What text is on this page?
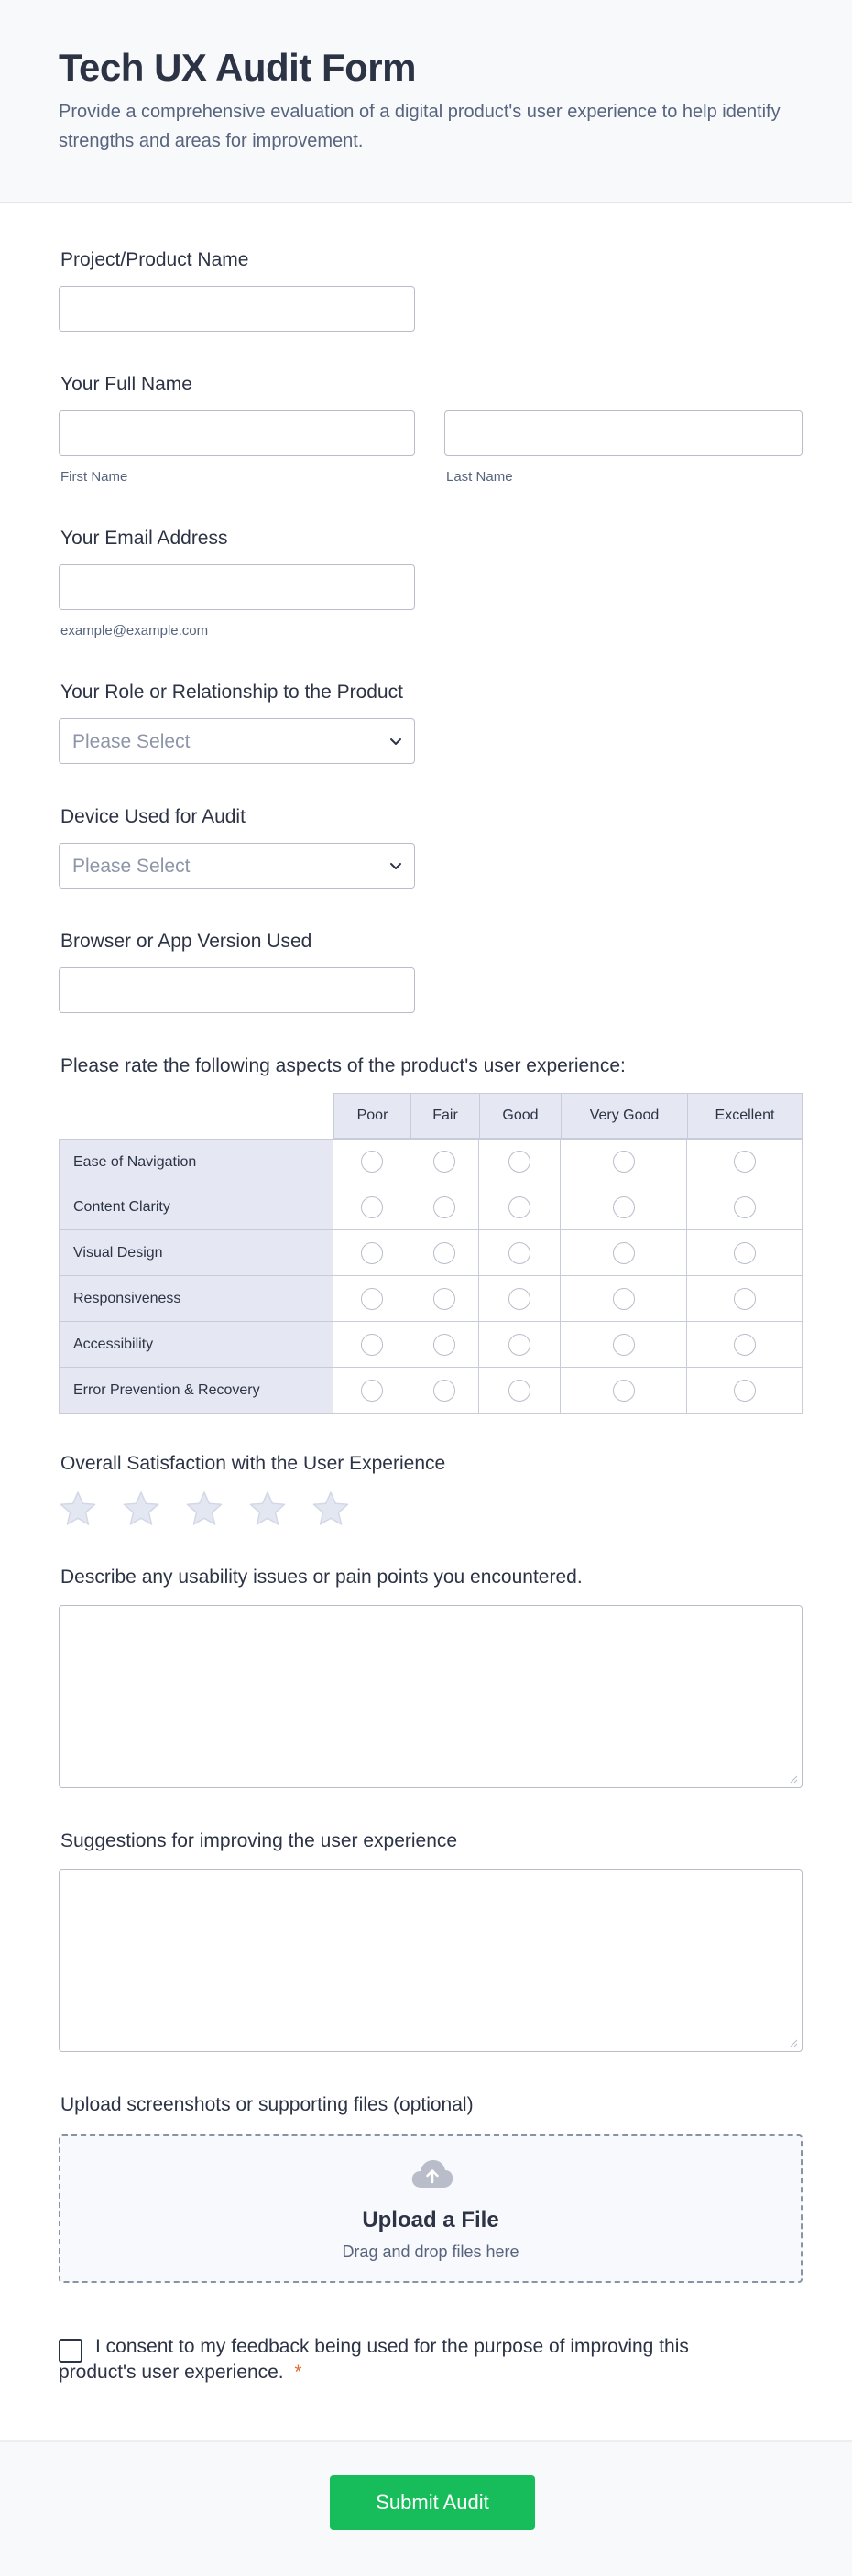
Tech UX Audit Form
Provide a comprehensive evaluation of a digital product's user experience to help identify strengths and areas for improvement.
Project/Product Name
Your Full Name
First Name	Last Name
Your Email Address
example@example.com
Your Role or Relationship to the Product
Please Select
Device Used for Audit
Please Select
Browser or App Version Used
Please rate the following aspects of the product's user experience:
Poor	Fair	Good	Very Good	Excellent
Ease of Navigation
Content Clarity
Visual Design
Responsiveness
Accessibility
Error Prevention & Recovery
Overall Satisfaction with the User Experience
Describe any usability issues or pain points you encountered.
Suggestions for improving the user experience
Upload screenshots or supporting files (optional)
Upload a File
Drag and drop files here
I consent to my feedback being used for the purpose of improving this product's user experience. *
Submit Audit
